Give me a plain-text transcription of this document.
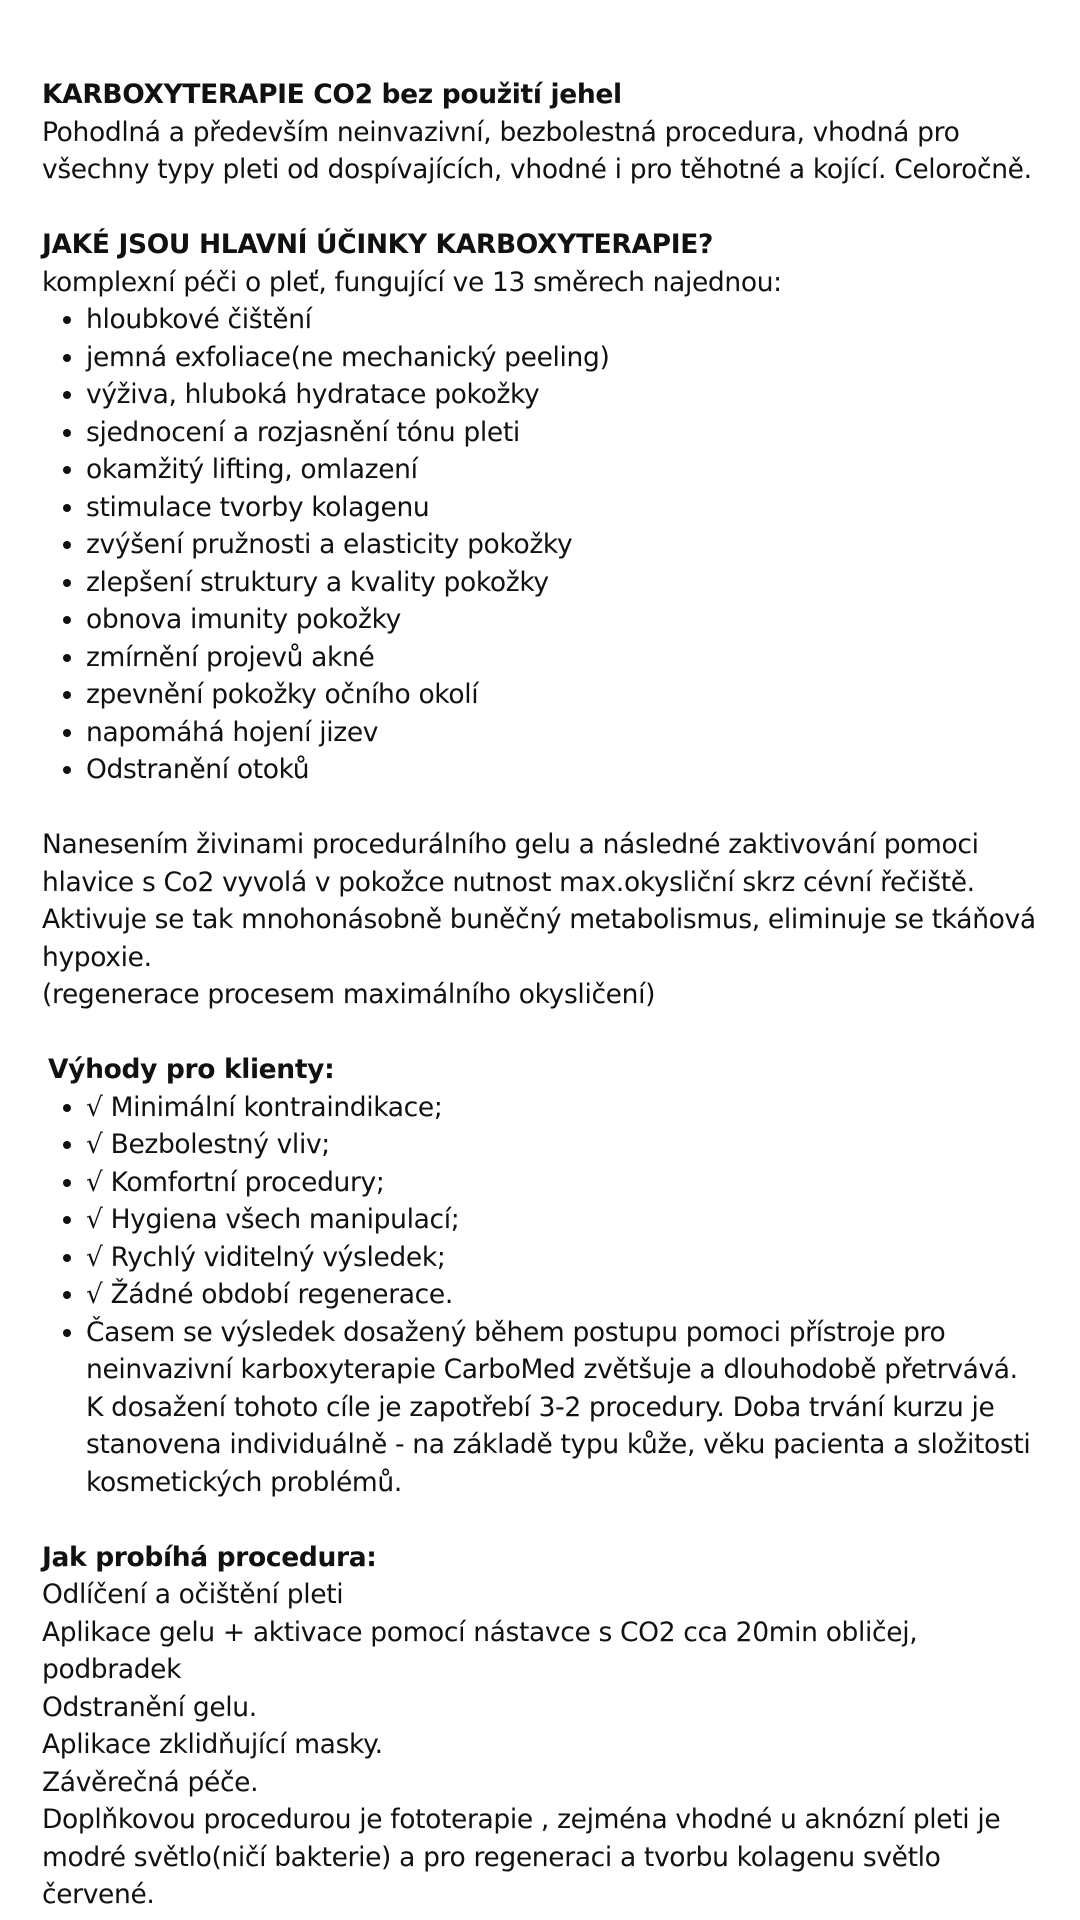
KARBOXYTERAPIE CO2 bez použití jehel

Pohodlná a především neinvazivní, bezbolestná procedura, vhodná pro všechny typy pleti od dospívajících, vhodné i pro těhotné a kojící. Celoročně.

JAKÉ JSOU HLAVNÍ ÚČINKY KARBOXYTERAPIE?

komplexní péči o pleť, fungující ve 13 směrech najednou:

• hloubkové čištění
• jemná exfoliace(ne mechanický peeling)
• výživa, hluboká hydratace pokožky
• sjednocení a rozjasnění tónu pleti
• okamžitý lifting, omlazení
• stimulace tvorby kolagenu
• zvýšení pružnosti a elasticity pokožky
• zlepšení struktury a kvality pokožky
• obnova imunity pokožky
• zmírnění projevů akné
• zpevnění pokožky očního okolí
• napomáhá hojení jizev
• Odstranění otoků

Nanesením živinami procedurálního gelu a následné zaktivování pomoci hlavice s Co2 vyvolá v pokožce nutnost max.okysliční skrz cévní řečiště. Aktivuje se tak mnohonásobně buněčný metabolismus, eliminuje se tkáňová hypoxie.

(regenerace procesem maximálního okysličení)

Výhody pro klienty:

• √ Minimální kontraindikace;
• √ Bezbolestný vliv;
• √ Komfortní procedury;
• √ Hygiena všech manipulací;
• √ Rychlý viditelný výsledek;
• √ Žádné období regenerace.
• Časem se výsledek dosažený během postupu pomoci přístroje pro neinvazivní karboxyterapie CarboMed zvětšuje a dlouhodobě přetrvává. K dosažení tohoto cíle je zapotřebí 3-2 procedury. Doba trvání kurzu je stanovena individuálně - na základě typu kůže, věku pacienta a složitosti kosmetických problémů.

Jak probíhá procedura:

Odlíčení a očištění pleti

Aplikace gelu + aktivace pomocí nástavce s CO2 cca 20min obličej, podbradek

Odstranění gelu.

Aplikace zklidňující masky.

Závěrečná péče.

Doplňkovou procedurou je fototerapie , zejména vhodné u aknózní pleti je modré světlo(ničí bakterie) a pro regeneraci a tvorbu kolagenu světlo červené.
